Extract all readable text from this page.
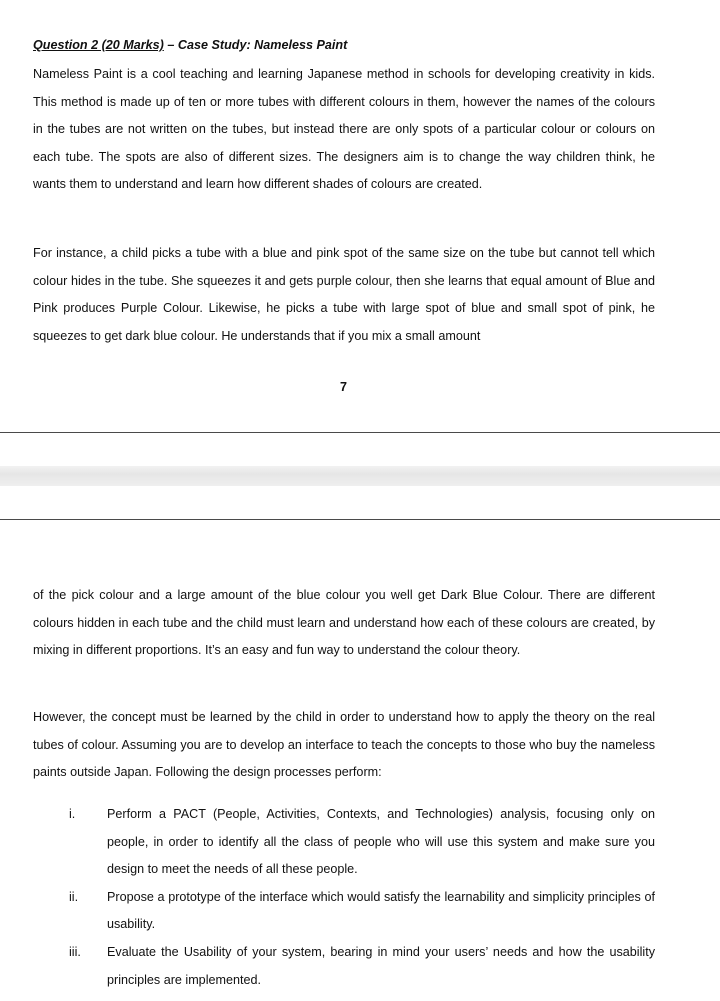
Question 2 (20 Marks) – Case Study: Nameless Paint

Nameless Paint is a cool teaching and learning Japanese method in schools for developing creativity in kids. This method is made up of ten or more tubes with different colours in them, however the names of the colours in the tubes are not written on the tubes, but instead there are only spots of a particular colour or colours on each tube. The spots are also of different sizes. The designers aim is to change the way children think, he wants them to understand and learn how different shades of colours are created.

For instance, a child picks a tube with a blue and pink spot of the same size on the tube but cannot tell which colour hides in the tube. She squeezes it and gets purple colour, then she learns that equal amount of Blue and Pink produces Purple Colour. Likewise, he picks a tube with large spot of blue and small spot of pink, he squeezes to get dark blue colour. He understands that if you mix a small amount

7

of the pick colour and a large amount of the blue colour you well get Dark Blue Colour. There are different colours hidden in each tube and the child must learn and understand how each of these colours are created, by mixing in different proportions. It’s an easy and fun way to understand the colour theory.

However, the concept must be learned by the child in order to understand how to apply the theory on the real tubes of colour. Assuming you are to develop an interface to teach the concepts to those who buy the nameless paints outside Japan. Following the design processes perform:

i.	Perform a PACT (People, Activities, Contexts, and Technologies) analysis, focusing only on people, in order to identify all the class of people who will use this system and make sure you design to meet the needs of all these people.

ii. Propose a prototype of the interface which would satisfy the learnability and simplicity principles of usability.

iii. Evaluate the Usability of your system, bearing in mind your users’ needs and how the usability principles are implemented.
